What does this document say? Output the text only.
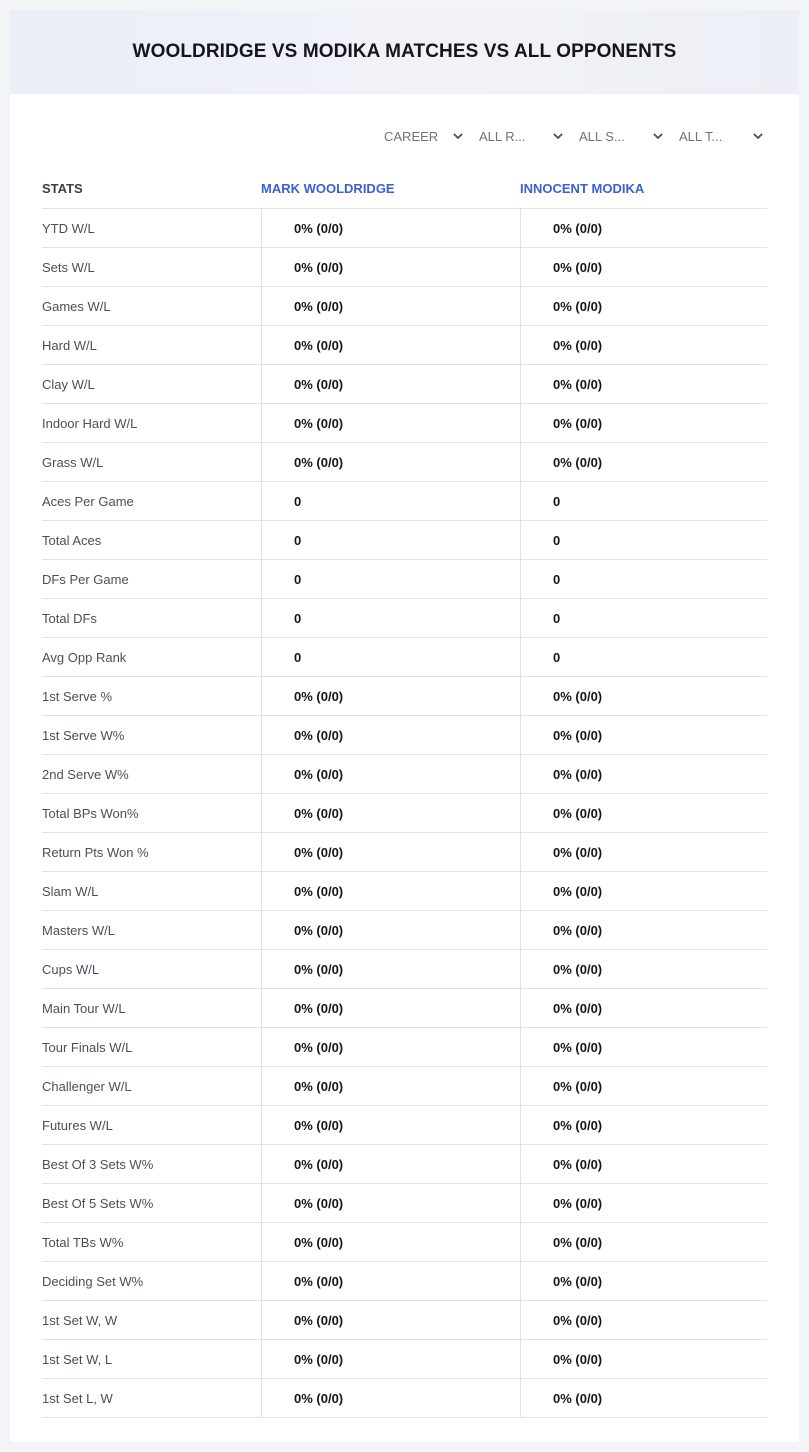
WOOLDRIDGE VS MODIKA MATCHES VS ALL OPPONENTS
CAREER	ALL R...	ALL S...	ALL T...
STATS	MARK WOOLDRIDGE	INNOCENT MODIKA
YTD W/L	0% (0/0)	0% (0/0)
Sets W/L	0% (0/0)	0% (0/0)
Games W/L	0% (0/0)	0% (0/0)
Hard W/L	0% (0/0)	0% (0/0)
Clay W/L	0% (0/0)	0% (0/0)
Indoor Hard W/L	0% (0/0)	0% (0/0)
Grass W/L	0% (0/0)	0% (0/0)
Aces Per Game	0	0
Total Aces	0	0
DFs Per Game	0	0
Total DFs	0	0
Avg Opp Rank	0	0
1st Serve %	0% (0/0)	0% (0/0)
1st Serve W%	0% (0/0)	0% (0/0)
2nd Serve W%	0% (0/0)	0% (0/0)
Total BPs Won%	0% (0/0)	0% (0/0)
Return Pts Won %	0% (0/0)	0% (0/0)
Slam W/L	0% (0/0)	0% (0/0)
Masters W/L	0% (0/0)	0% (0/0)
Cups W/L	0% (0/0)	0% (0/0)
Main Tour W/L	0% (0/0)	0% (0/0)
Tour Finals W/L	0% (0/0)	0% (0/0)
Challenger W/L	0% (0/0)	0% (0/0)
Futures W/L	0% (0/0)	0% (0/0)
Best Of 3 Sets W%	0% (0/0)	0% (0/0)
Best Of 5 Sets W%	0% (0/0)	0% (0/0)
Total TBs W%	0% (0/0)	0% (0/0)
Deciding Set W%	0% (0/0)	0% (0/0)
1st Set W, W	0% (0/0)	0% (0/0)
1st Set W, L	0% (0/0)	0% (0/0)
1st Set L, W	0% (0/0)	0% (0/0)
